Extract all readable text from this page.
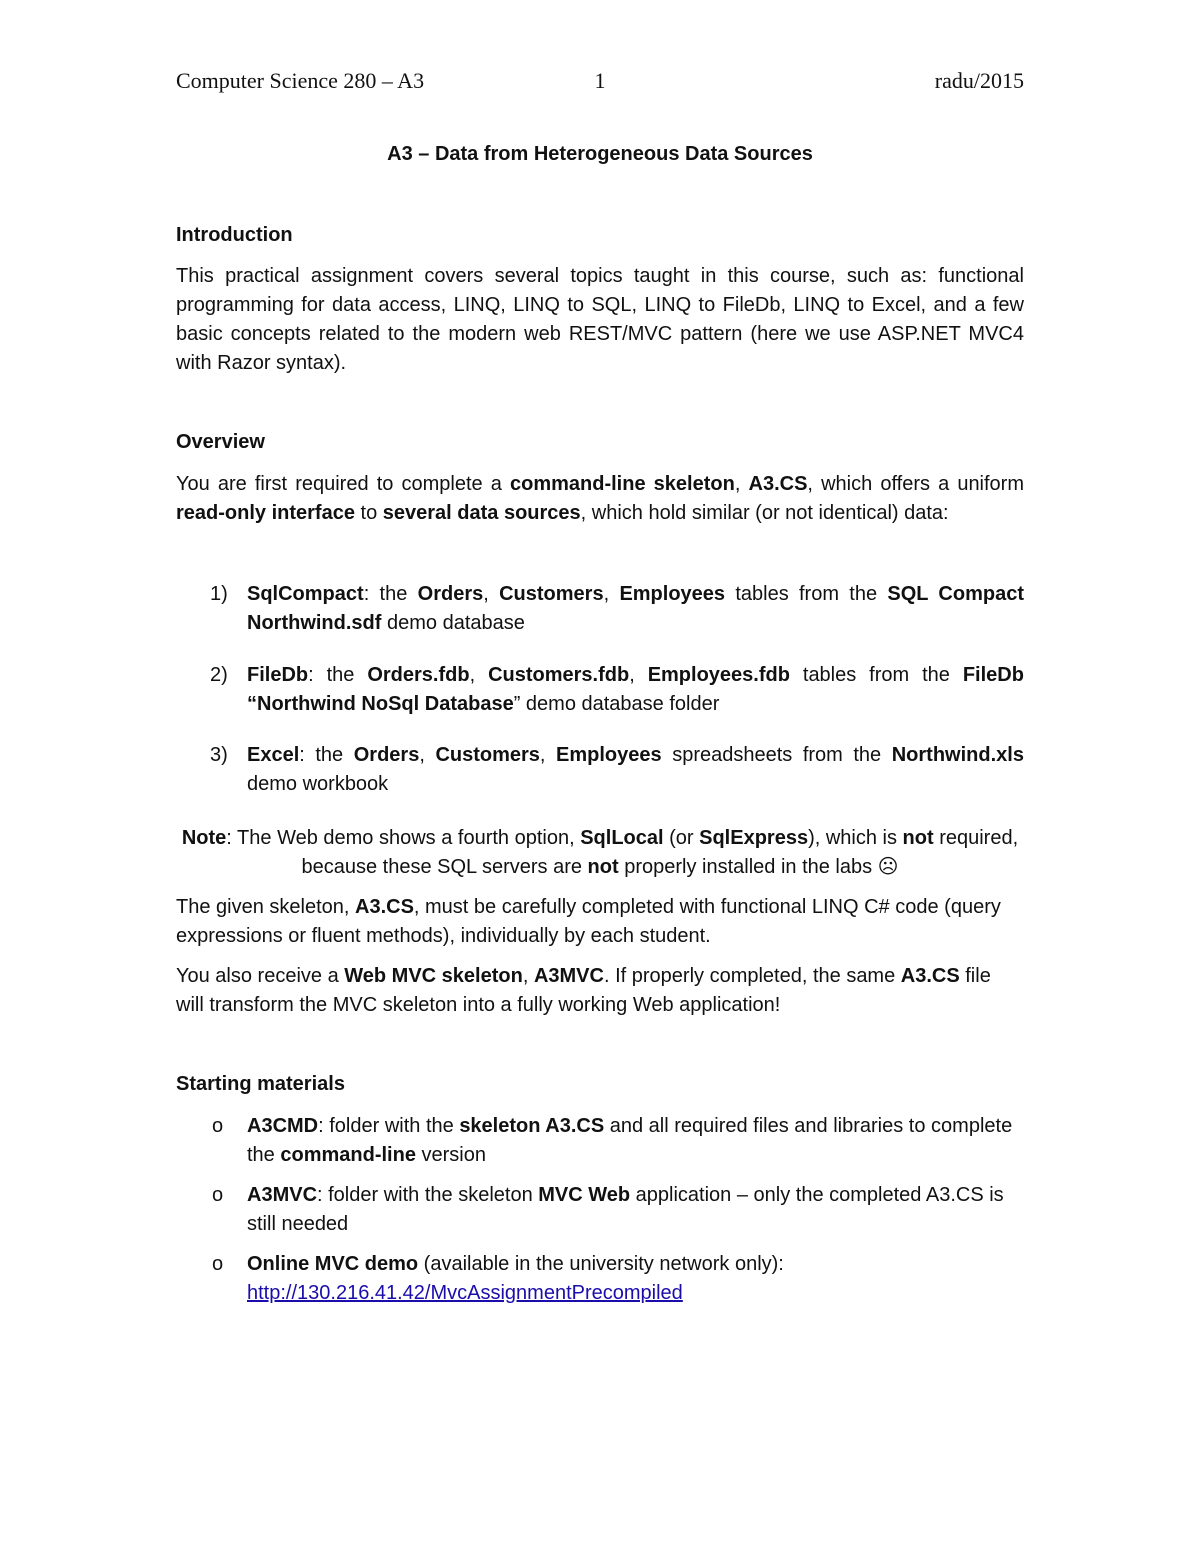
Computer Science 280 – A3	1	radu/2015
A3 – Data from Heterogeneous Data Sources
Introduction

This practical assignment covers several topics taught in this course, such as: functional programming for data access, LINQ, LINQ to SQL, LINQ to FileDb, LINQ to Excel, and a few basic concepts related to the modern web REST/MVC pattern (here we use ASP.NET MVC4 with Razor syntax).

Overview

You are first required to complete a command-line skeleton, A3.CS, which offers a uniform read-only interface to several data sources, which hold similar (or not identical) data:

1) SqlCompact: the Orders, Customers, Employees tables from the SQL Compact Northwind.sdf demo database
2) FileDb: the Orders.fdb, Customers.fdb, Employees.fdb tables from the FileDb “Northwind NoSql Database” demo database folder
3) Excel: the Orders, Customers, Employees spreadsheets from the Northwind.xls demo workbook
Note: The Web demo shows a fourth option, SqlLocal (or SqlExpress), which is not required, because these SQL servers are not properly installed in the labs ☹

The given skeleton, A3.CS, must be carefully completed with functional LINQ C# code (query expressions or fluent methods), individually by each student.

You also receive a Web MVC skeleton, A3MVC. If properly completed, the same A3.CS file will transform the MVC skeleton into a fully working Web application!

Starting materials
o A3CMD: folder with the skeleton A3.CS and all required files and libraries to complete the command-line version
o A3MVC: folder with the skeleton MVC Web application – only the completed A3.CS is still needed
o Online MVC demo (available in the university network only):
http://130.216.41.42/MvcAssignmentPrecompiled
